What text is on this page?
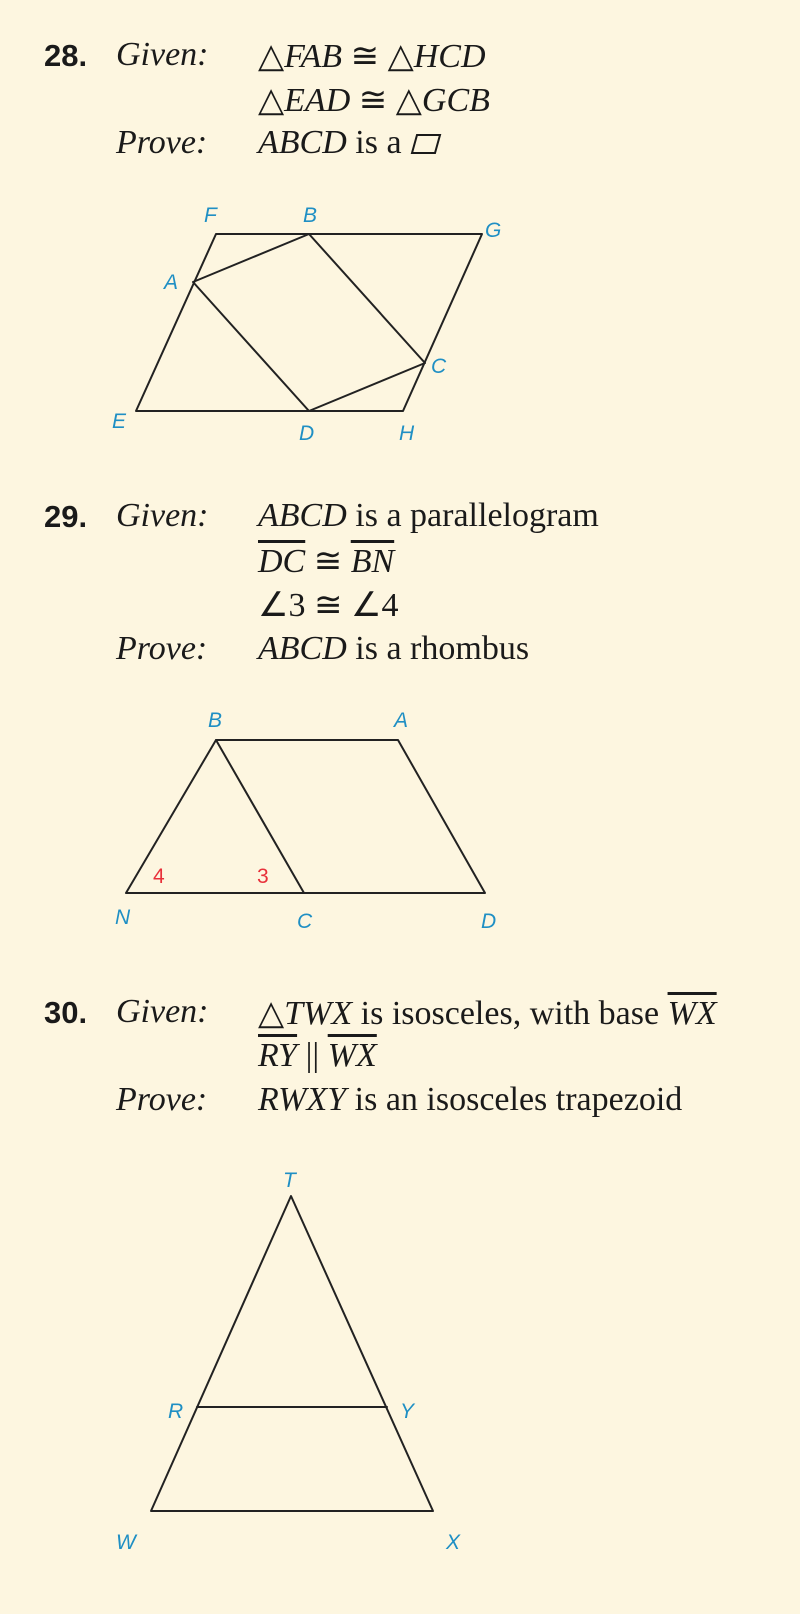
28. Given: △FAB ≅ △HCD
△EAD ≅ △GCB
Prove: ABCD is a
F	B
G
A
C
E
D	H
29. Given: ABCD is a parallelogram
$\overline{DC}$ ≅ $\overline{BN}$
∠3 ≅ ∠4
Prove: ABCD is a rhombus
B	A
N	C	D
4	3
30. Given: △TWX is isosceles, with base $\overline{WX}$
$\overline{RY}$ || $\overline{WX}$
Prove: RWXY is an isosceles trapezoid
T
R	Y
W	X
